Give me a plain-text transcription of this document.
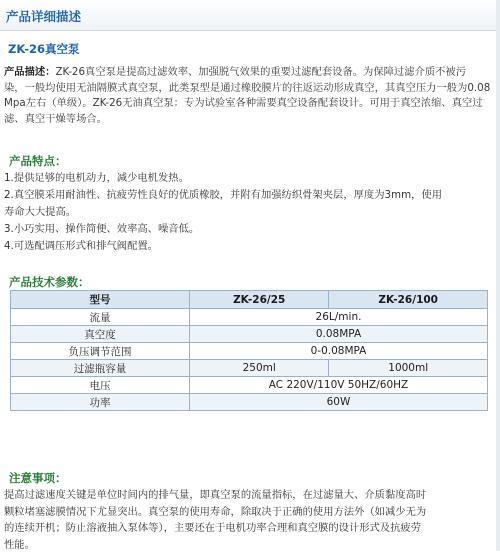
产品详细描述
ZK-26真空泵
产品描述：ZK-26真空泵是提高过滤效率、加强脱气效果的重要过滤配套设备。为保障过滤介质不被污
染，一般均使用无油隔膜式真空泵，此类泵型是通过橡胶膜片的往返运动形成真空，其真空压力一般为0.08
Mpa左右（单级）。ZK-26无油真空泵：专为试验室各种需要真空设备配套设计。可用于真空浓缩、真空过
滤、真空干燥等场合。
产品特点：
1.提供足够的电机动力，减少电机发热。
2.真空膜采用耐油性、抗疲劳性良好的优质橡胶，并附有加强纺织骨架夹层，厚度为3mm，使用
寿命大大提高。
3.小巧实用、操作简便、效率高、噪音低。
4.可选配调压形式和排气阀配置。
产品技术参数：
型号	ZK-26/25	ZK-26/100
流量	26L/min.	
真空度	0.08MPA	
负压调节范围	0-0.08MPA	
过滤瓶容量	250ml	1000ml
电压	AC 220V/110V 50HZ/60HZ	
功率	60W	
注意事项：
提高过滤速度关键是单位时间内的排气量，即真空泵的流量指标，在过滤量大、介质黏度高时
颗粒堵塞滤膜情况下尤显突出。真空泵的使用寿命，除取决于正确的使用方法外（如减少无为
的连续开机；防止溶液抽入泵体等），主要还在于电机功率合理和真空膜的设计形式及抗疲劳
性能。
